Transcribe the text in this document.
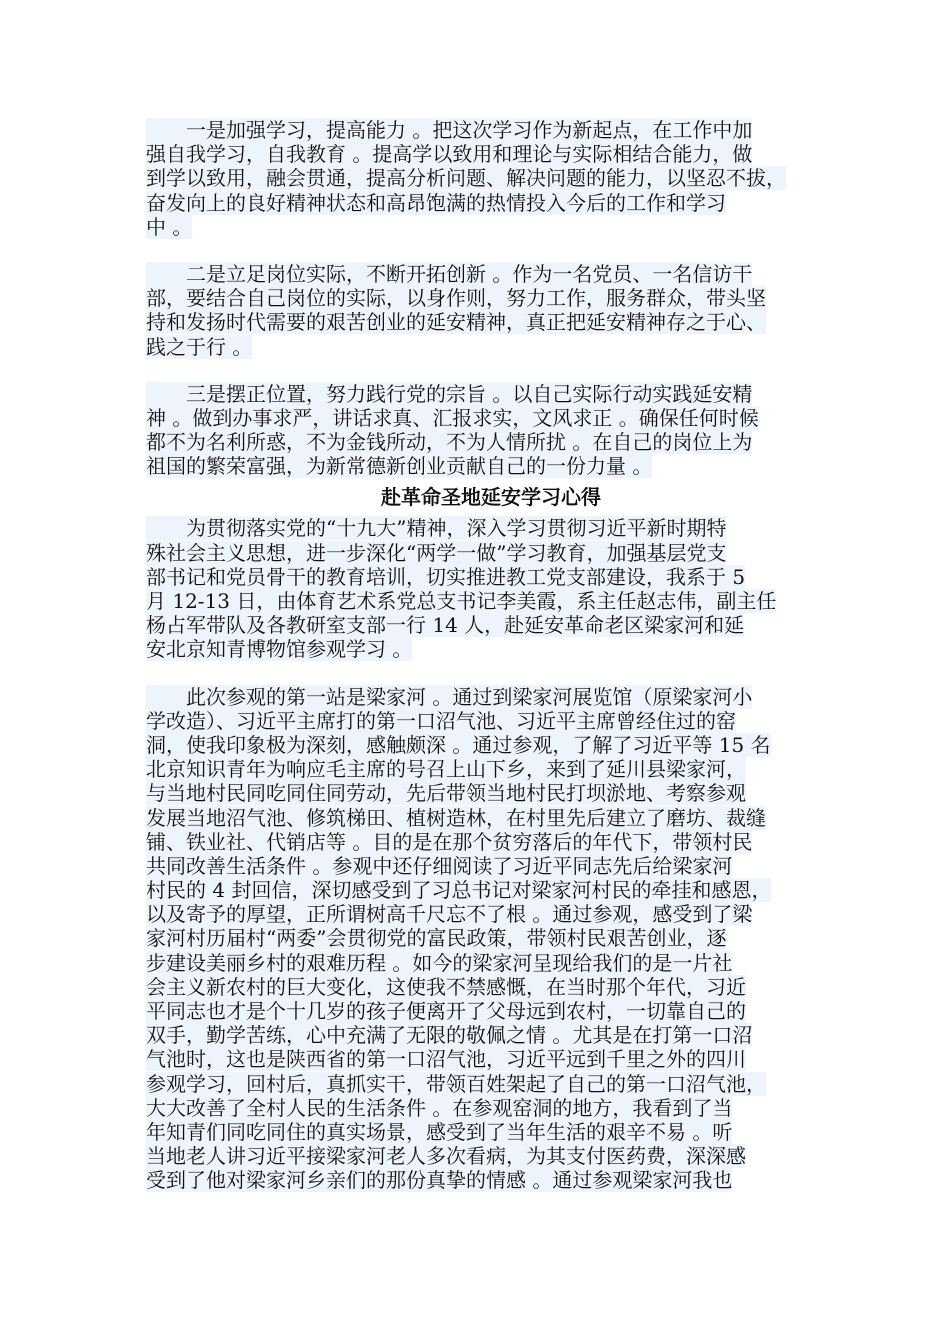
　　一是加强学习，提高能力 。把这次学习作为新起点，在工作中加
强自我学习，自我教育 。提高学以致用和理论与实际相结合能力，做
到学以致用，融会贯通，提高分析问题、解决问题的能力，以坚忍不拔，
奋发向上的良好精神状态和高昂饱满的热情投入今后的工作和学习
中 。
　　二是立足岗位实际，不断开拓创新 。作为一名党员、一名信访干
部，要结合自己岗位的实际，以身作则，努力工作，服务群众，带头坚
持和发扬时代需要的艰苦创业的延安精神，真正把延安精神存之于心、
践之于行 。
　　三是摆正位置，努力践行党的宗旨 。以自己实际行动实践延安精
神 。做到办事求严，讲话求真、汇报求实，文风求正 。确保任何时候
都不为名利所惑，不为金钱所动，不为人情所扰 。在自己的岗位上为
祖国的繁荣富强，为新常德新创业贡献自己的一份力量 。
赴革命圣地延安学习心得
　　为贯彻落实党的“十九大”精神，深入学习贯彻习近平新时期特
殊社会主义思想，进一步深化“两学一做”学习教育，加强基层党支
部书记和党员骨干的教育培训，切实推进教工党支部建设，我系于 5
月 12-13 日，由体育艺术系党总支书记李美霞，系主任赵志伟，副主任
杨占军带队及各教研室支部一行 14 人，赴延安革命老区梁家河和延
安北京知青博物馆参观学习 。
　　此次参观的第一站是梁家河 。通过到梁家河展览馆（原梁家河小
学改造）、习近平主席打的第一口沼气池、习近平主席曾经住过的窑
洞，使我印象极为深刻，感触颇深 。通过参观，了解了习近平等 15 名
北京知识青年为响应毛主席的号召上山下乡，来到了延川县梁家河，
与当地村民同吃同住同劳动，先后带领当地村民打坝淤地、考察参观
发展当地沼气池、修筑梯田、植树造林，在村里先后建立了磨坊、裁缝
铺、铁业社、代销店等 。目的是在那个贫穷落后的年代下，带领村民
共同改善生活条件 。参观中还仔细阅读了习近平同志先后给梁家河
村民的 4 封回信，深切感受到了习总书记对梁家河村民的牵挂和感恩，
以及寄予的厚望，正所谓树高千尺忘不了根 。通过参观，感受到了梁
家河村历届村“两委”会贯彻党的富民政策，带领村民艰苦创业，逐
步建设美丽乡村的艰难历程 。如今的梁家河呈现给我们的是一片社
会主义新农村的巨大变化，这使我不禁感慨，在当时那个年代，习近
平同志也才是个十几岁的孩子便离开了父母远到农村，一切靠自己的
双手，勤学苦练，心中充满了无限的敬佩之情 。尤其是在打第一口沼
气池时，这也是陕西省的第一口沼气池，习近平远到千里之外的四川
参观学习，回村后，真抓实干，带领百姓架起了自己的第一口沼气池，
大大改善了全村人民的生活条件 。在参观窑洞的地方，我看到了当
年知青们同吃同住的真实场景，感受到了当年生活的艰辛不易 。听
当地老人讲习近平接梁家河老人多次看病，为其支付医药费，深深感
受到了他对梁家河乡亲们的那份真挚的情感 。通过参观梁家河我也
